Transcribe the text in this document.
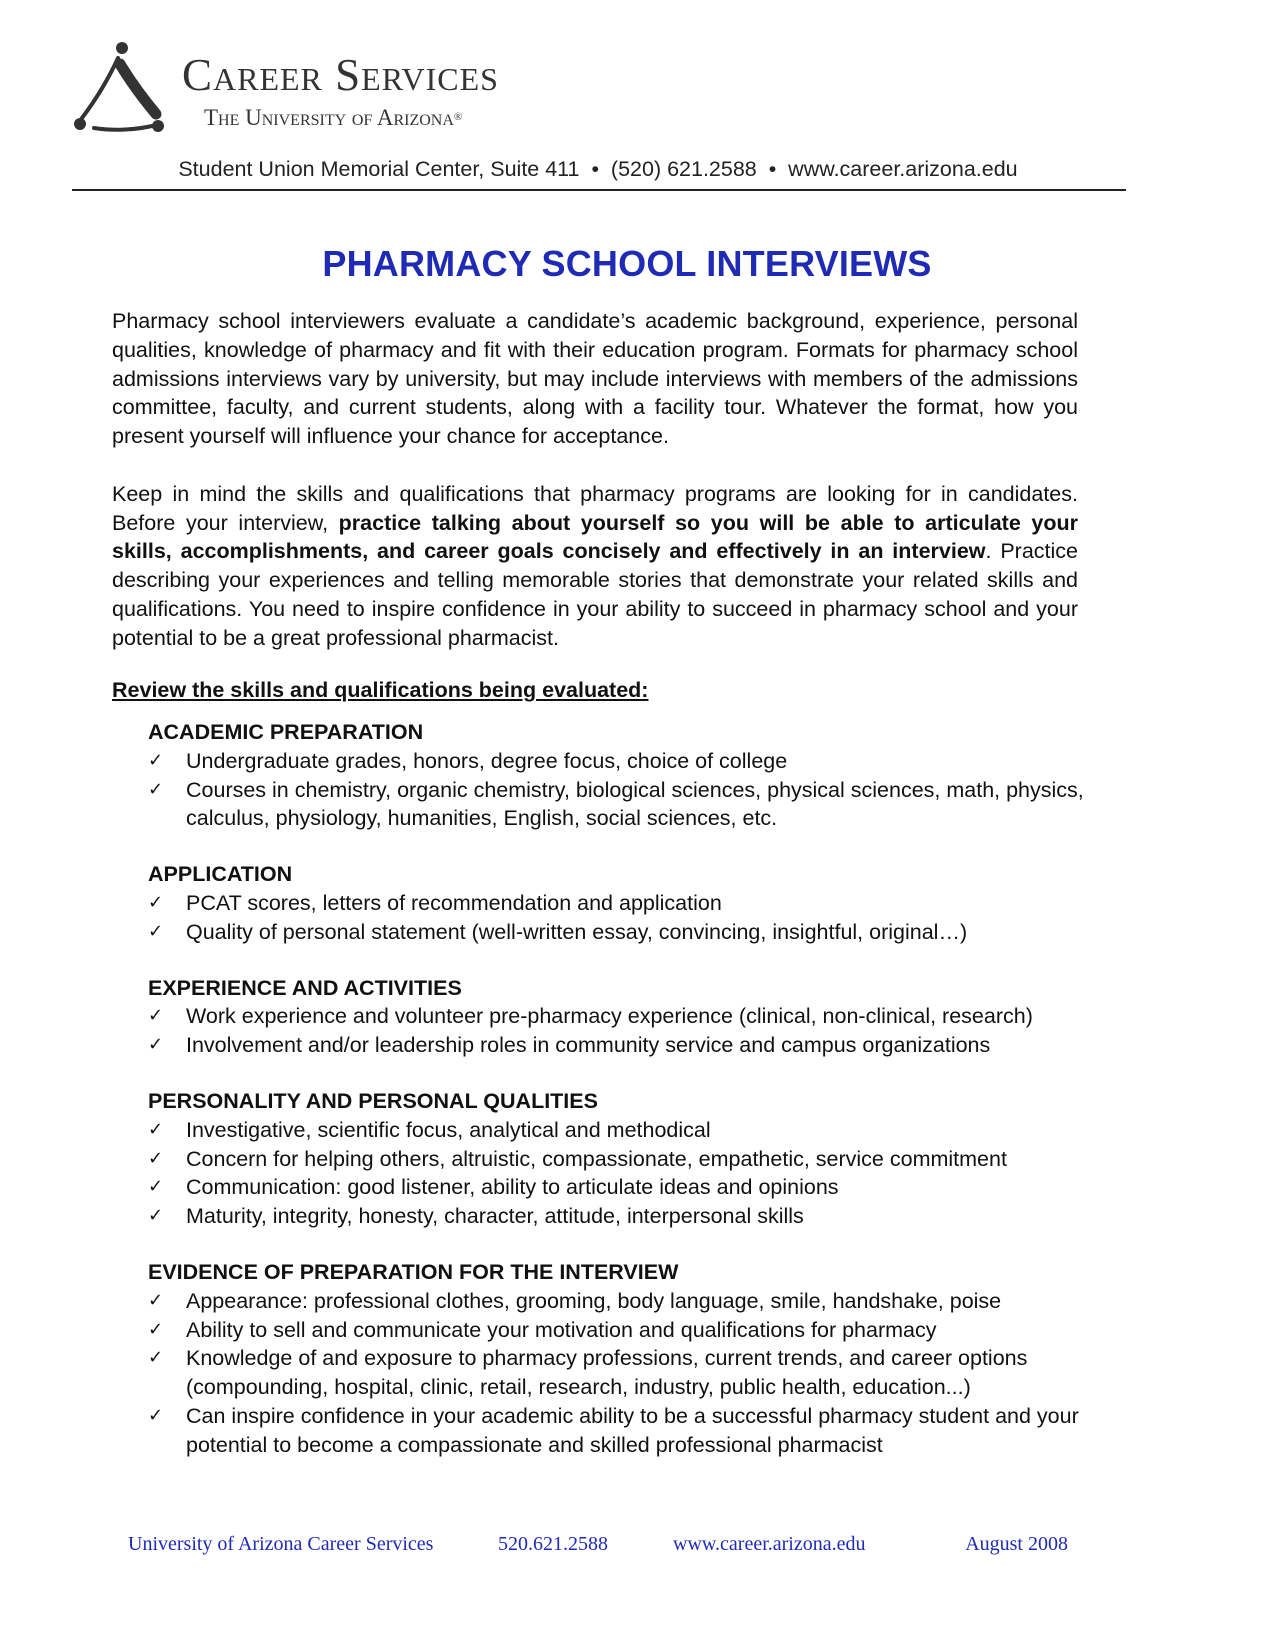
Career Services
The University of Arizona®
Student Union Memorial Center, Suite 411  •  (520) 621.2588  •  www.career.arizona.edu
PHARMACY SCHOOL INTERVIEWS

Pharmacy school interviewers evaluate a candidate’s academic background, experience, personal qualities, knowledge of pharmacy and fit with their education program. Formats for pharmacy school admissions interviews vary by university, but may include interviews with members of the admissions committee, faculty, and current students, along with a facility tour. Whatever the format, how you present yourself will influence your chance for acceptance.

Keep in mind the skills and qualifications that pharmacy programs are looking for in candidates. Before your interview, practice talking about yourself so you will be able to articulate your skills, accomplishments, and career goals concisely and effectively in an interview. Practice describing your experiences and telling memorable stories that demonstrate your related skills and qualifications. You need to inspire confidence in your ability to succeed in pharmacy school and your potential to be a great professional pharmacist.

Review the skills and qualifications being evaluated:

ACADEMIC PREPARATION

✓ Undergraduate grades, honors, degree focus, choice of college
✓ Courses in chemistry, organic chemistry, biological sciences, physical sciences, math, physics, calculus, physiology, humanities, English, social sciences, etc.

APPLICATION

✓ PCAT scores, letters of recommendation and application
✓ Quality of personal statement (well-written essay, convincing, insightful, original…)

EXPERIENCE AND ACTIVITIES

✓ Work experience and volunteer pre-pharmacy experience (clinical, non-clinical, research)
✓ Involvement and/or leadership roles in community service and campus organizations

PERSONALITY AND PERSONAL QUALITIES

✓ Investigative, scientific focus, analytical and methodical
✓ Concern for helping others, altruistic, compassionate, empathetic, service commitment
✓ Communication: good listener, ability to articulate ideas and opinions
✓ Maturity, integrity, honesty, character, attitude, interpersonal skills

EVIDENCE OF PREPARATION FOR THE INTERVIEW

✓ Appearance: professional clothes, grooming, body language, smile, handshake, poise
✓ Ability to sell and communicate your motivation and qualifications for pharmacy
✓ Knowledge of and exposure to pharmacy professions, current trends, and career options (compounding, hospital, clinic, retail, research, industry, public health, education...)
✓ Can inspire confidence in your academic ability to be a successful pharmacy student and your potential to become a compassionate and skilled professional pharmacist
University of Arizona Career Services	520.621.2588	www.career.arizona.edu	August 2008
